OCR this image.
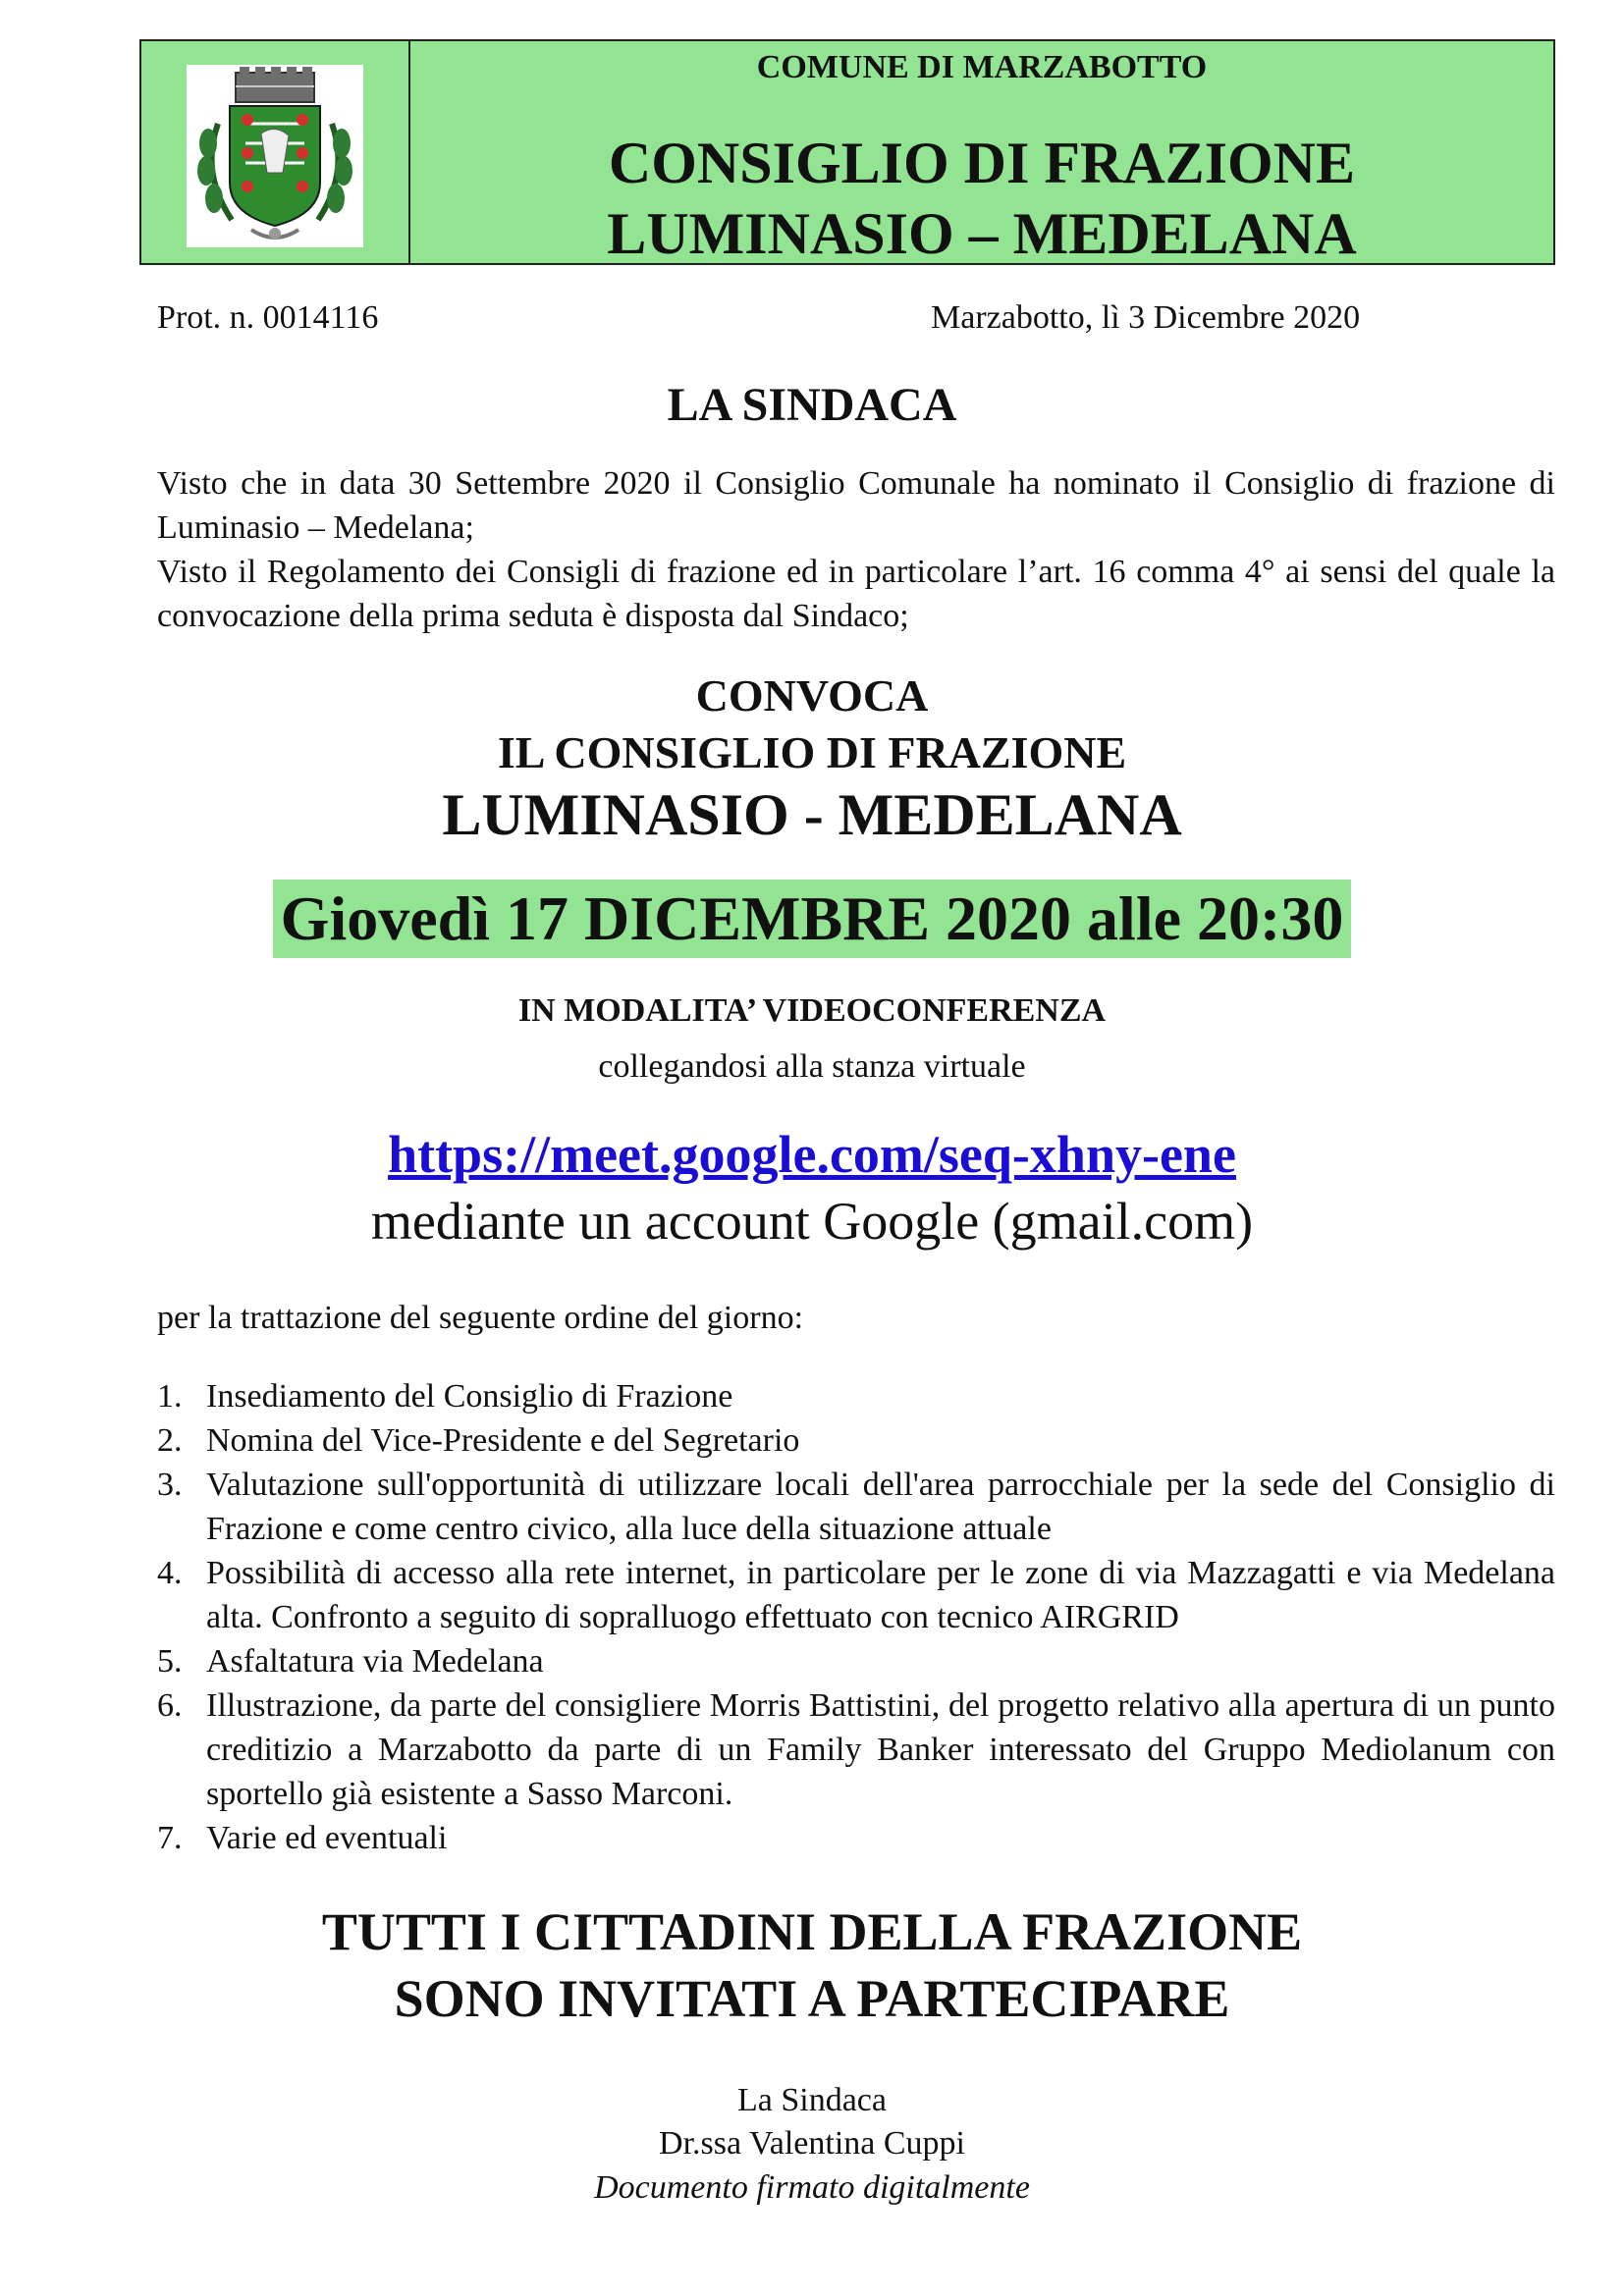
COMUNE DI MARZABOTTO
CONSIGLIO DI FRAZIONE
LUMINASIO – MEDELANA
Prot. n. 0014116	Marzabotto, lì 3 Dicembre 2020
LA SINDACA
Visto che in data 30 Settembre 2020 il Consiglio Comunale ha nominato il Consiglio di frazione di Luminasio – Medelana;
Visto il Regolamento dei Consigli di frazione ed in particolare l’art. 16 comma 4° ai sensi del quale la convocazione della prima seduta è disposta dal Sindaco;
CONVOCA
IL CONSIGLIO DI FRAZIONE
LUMINASIO - MEDELANA
Giovedì 17 DICEMBRE 2020 alle 20:30
IN MODALITA’ VIDEOCONFERENZA
collegandosi alla stanza virtuale
https://meet.google.com/seq-xhny-ene
mediante un account Google (gmail.com)
per la trattazione del seguente ordine del giorno:
1. Insediamento del Consiglio di Frazione
2. Nomina del Vice-Presidente e del Segretario
3. Valutazione sull'opportunità di utilizzare locali dell'area parrocchiale per la sede del Consiglio di Frazione e come centro civico, alla luce della situazione attuale
4. Possibilità di accesso alla rete internet, in particolare per le zone di via Mazzagatti e via Medelana alta. Confronto a seguito di sopralluogo effettuato con tecnico AIRGRID
5. Asfaltatura via Medelana
6. Illustrazione, da parte del consigliere Morris Battistini, del progetto relativo alla apertura di un punto creditizio a Marzabotto da parte di un Family Banker interessato del Gruppo Mediolanum con sportello già esistente a Sasso Marconi.
7. Varie ed eventuali
TUTTI I CITTADINI DELLA FRAZIONE
SONO INVITATI A PARTECIPARE
La Sindaca
Dr.ssa Valentina Cuppi
Documento firmato digitalmente
